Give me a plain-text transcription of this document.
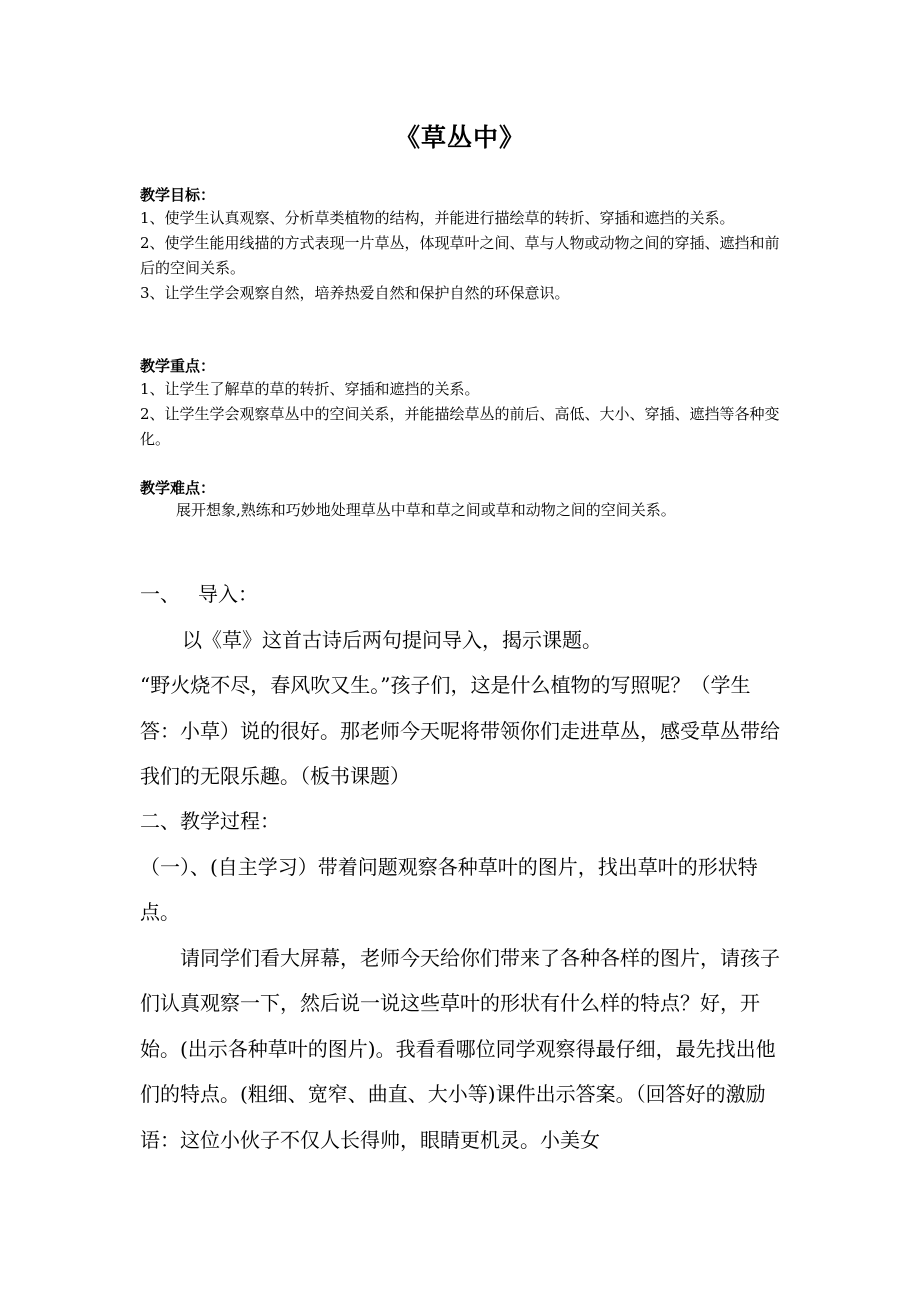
《草丛中》
教学目标：

1、使学生认真观察、分析草类植物的结构，并能进行描绘草的转折、穿插和遮挡的关系。

2、使学生能用线描的方式表现一片草丛，体现草叶之间、草与人物或动物之间的穿插、遮挡和前后的空间关系。

3、让学生学会观察自然，培养热爱自然和保护自然的环保意识。

教学重点：

1、让学生了解草的草的转折、穿插和遮挡的关系。

2、让学生学会观察草丛中的空间关系，并能描绘草丛的前后、高低、大小、穿插、遮挡等各种变化。

教学难点：
展开想象,熟练和巧妙地处理草丛中草和草之间或草和动物之间的空间关系。

一、 导入：

以《草》这首古诗后两句提问导入，揭示课题。

“野火烧不尽，春风吹又生。”孩子们，这是什么植物的写照呢？（学生答：小草）说的很好。那老师今天呢将带领你们走进草丛，感受草丛带给我们的无限乐趣。（板书课题）

二、教学过程：

（一）、(自主学习）带着问题观察各种草叶的图片，找出草叶的形状特点。

请同学们看大屏幕，老师今天给你们带来了各种各样的图片，请孩子们认真观察一下，然后说一说这些草叶的形状有什么样的特点？好，开始。(出示各种草叶的图片)。我看看哪位同学观察得最仔细，最先找出他们的特点。(粗细、宽窄、曲直、大小等)课件出示答案。（回答好的激励语：这位小伙子不仅人长得帅，眼睛更机灵。小美女
